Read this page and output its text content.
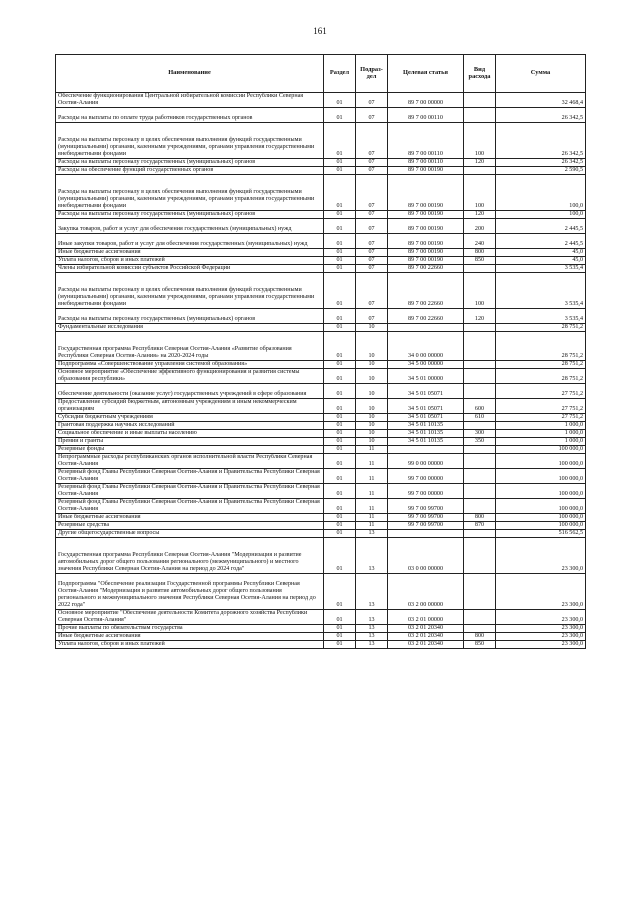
161
Наименование	Раздел	Подраз-дел	Целевая статья	Вид расхода	Сумма
Обеспечение функционирования Центральной избирательной комиссии Республики Северная Осетия-Алания	01	07	89 7 00 00000		32 468,4
Расходы на выплаты по оплате труда работников государственных органов	01	07	89 7 00 00110		26 342,5
Расходы на выплаты персоналу в целях обеспечения выполнения функций государственными (муниципальными) органами, казенными учреждениями, органами управления государственными внебюджетными фондами	01	07	89 7 00 00110	100	26 342,5
Расходы на выплаты персоналу государственных (муниципальных) органов	01	07	89 7 00 00110	120	26 342,5
Расходы на обеспечение функций государственных органов	01	07	89 7 00 00190		2 590,5
Расходы на выплаты персоналу в целях обеспечения выполнения функций государственными (муниципальными) органами, казенными учреждениями, органами управления государственными внебюджетными фондами	01	07	89 7 00 00190	100	100,0
Расходы на выплаты персоналу государственных (муниципальных) органов	01	07	89 7 00 00190	120	100,0
Закупка товаров, работ и услуг для обеспечения государственных (муниципальных) нужд	01	07	89 7 00 00190	200	2 445,5
Иные закупки товаров, работ и услуг для обеспечения государственных (муниципальных) нужд	01	07	89 7 00 00190	240	2 445,5
Иные бюджетные ассигнования	01	07	89 7 00 00190	800	45,0
Уплата налогов, сборов и иных платежей	01	07	89 7 00 00190	850	45,0
Члены избирательной комиссии субъектов Российской Федерации	01	07	89 7 00 22660		3 535,4
Расходы на выплаты персоналу в целях обеспечения выполнения функций государственными (муниципальными) органами, казенными учреждениями, органами управления государственными внебюджетными фондами	01	07	89 7 00 22660	100	3 535,4
Расходы на выплаты персоналу государственных (муниципальных) органов	01	07	89 7 00 22660	120	3 535,4
Фундаментальные исследования	01	10			28 751,2
Государственная программа Республики Северная Осетия-Алания «Развитие образования Республики Северная Осетия-Алания» на 2020-2024 годы	01	10	34 0 00 00000		28 751,2
Подпрограмма «Совершенствование управления системой образования»	01	10	34 5 00 00000		28 751,2
Основное мероприятие «Обеспечение эффективного функционирования и развития системы образования республики»	01	10	34 5 01 00000		28 751,2
Обеспечение деятельности (оказание услуг) государственных учреждений в сфере образования	01	10	34 5 01 05071		27 751,2
Предоставление субсидий бюджетным, автономным учреждениям и иным некоммерческим организациям	01	10	34 5 01 05071	600	27 751,2
Субсидии бюджетным учреждениям	01	10	34 5 01 05071	610	27 751,2
Грантовая поддержка научных исследований	01	10	34 5 01 10135		1 000,0
Социальное обеспечение и иные выплаты населению	01	10	34 5 01 10135	300	1 000,0
Премии и гранты	01	10	34 5 01 10135	350	1 000,0
Резервные фонды	01	11			100 000,0
Непрограммные расходы республиканских органов исполнительной власти Республики Северная Осетия-Алания	01	11	99 0 00 00000		100 000,0
Резервный фонд Главы Республики Северная Осетия-Алания и Правительства Республики Северная Осетия-Алания	01	11	99 7 00 00000		100 000,0
Резервный фонд Главы Республики Северная Осетия-Алания и Правительства Республики Северная Осетия-Алания	01	11	99 7 00 00000		100 000,0
Резервный фонд Главы Республики Северная Осетия-Алания и Правительства Республики Северная Осетия-Алания	01	11	99 7 00 99700		100 000,0
Иные бюджетные ассигнования	01	11	99 7 00 99700	800	100 000,0
Резервные средства	01	11	99 7 00 99700	870	100 000,0
Другие общегосударственные вопросы	01	13			516 562,5
Государственная программа Республики Северная Осетия-Алания "Модернизация и развитие автомобильных дорог общего пользования регионального (межмуниципального) и местного значения Республики Северная Осетия-Алания на период до 2024 года"	01	13	03 0 00 00000		23 300,0
Подпрограмма "Обеспечение реализации Государственной программы Республики Северная Осетия-Алания "Модернизация и развитие автомобильных дорог общего пользования регионального и межмуниципального значения Республики Северная Осетия-Алания на период до 2022 года"	01	13	03 2 00 00000		23 300,0
Основное мероприятие "Обеспечение деятельности Комитета дорожного хозяйства Республики Северная Осетия-Алания"	01	13	03 2 01 00000		23 300,0
Прочие выплаты по обязательствам государства	01	13	03 2 01 20340		23 300,0
Иные бюджетные ассигнования	01	13	03 2 01 20340	800	23 300,0
Уплата налогов, сборов и иных платежей	01	13	03 2 01 20340	850	23 300,0
